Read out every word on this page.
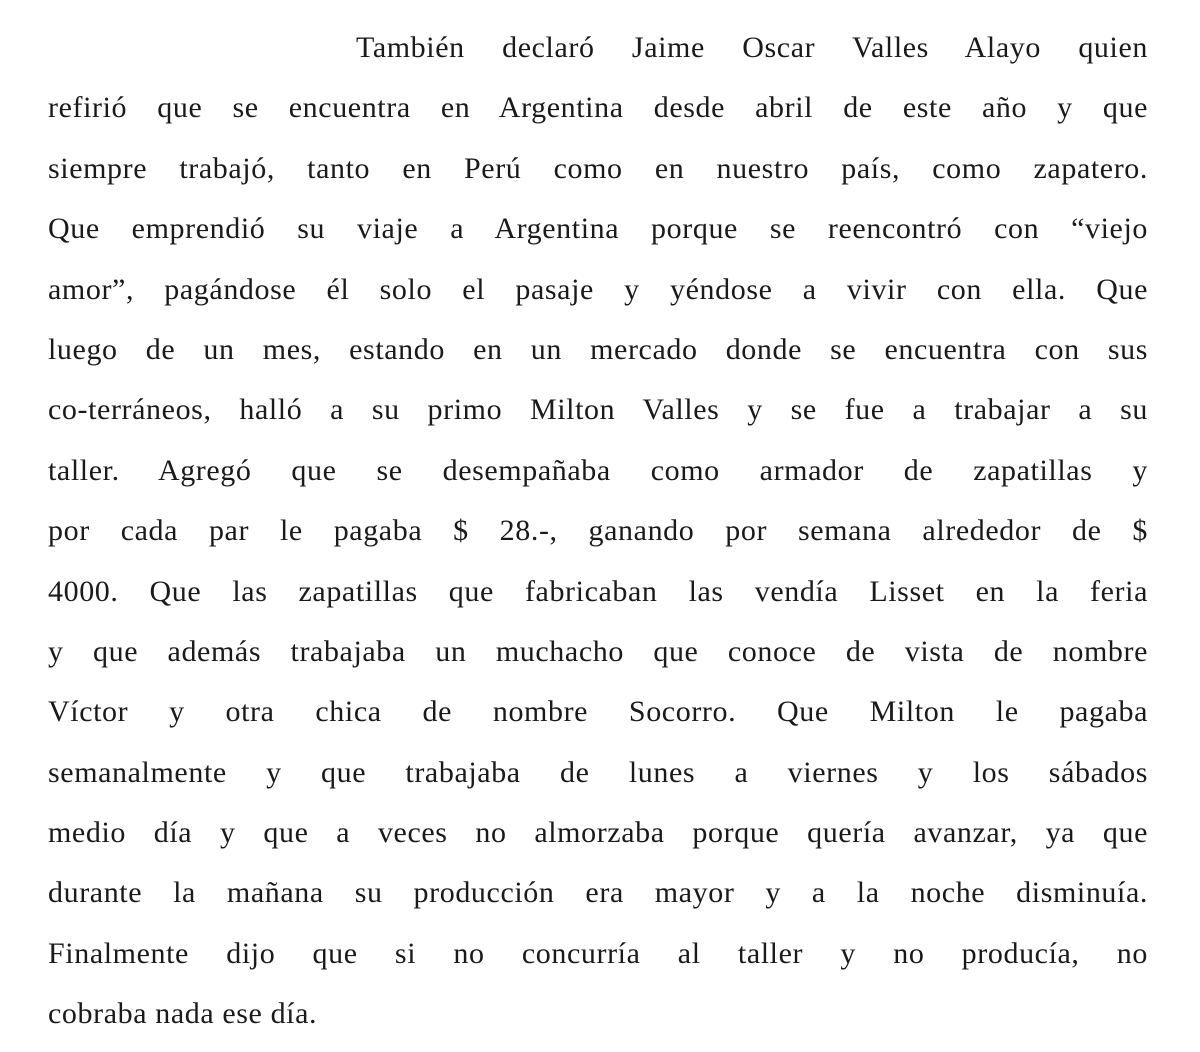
También declaró Jaime Oscar Valles Alayo quien
refirió que se encuentra en Argentina desde abril de este año y que
siempre trabajó, tanto en Perú como en nuestro país, como zapatero.
Que emprendió su viaje a Argentina porque se reencontró con “viejo
amor”, pagándose él solo el pasaje y yéndose a vivir con ella. Que
luego de un mes, estando en un mercado donde se encuentra con sus
co-terráneos, halló a su primo Milton Valles y se fue a trabajar a su
taller. Agregó que se desempañaba como armador de zapatillas y
por cada par le pagaba $ 28.-, ganando por semana alrededor de $
4000. Que las zapatillas que fabricaban las vendía Lisset en la feria
y que además trabajaba un muchacho que conoce de vista de nombre
Víctor y otra chica de nombre Socorro. Que Milton le pagaba
semanalmente y que trabajaba de lunes a viernes y los sábados
medio día y que a veces no almorzaba porque quería avanzar, ya que
durante la mañana su producción era mayor y a la noche disminuía.
Finalmente dijo que si no concurría al taller y no producía, no
cobraba nada ese día.
